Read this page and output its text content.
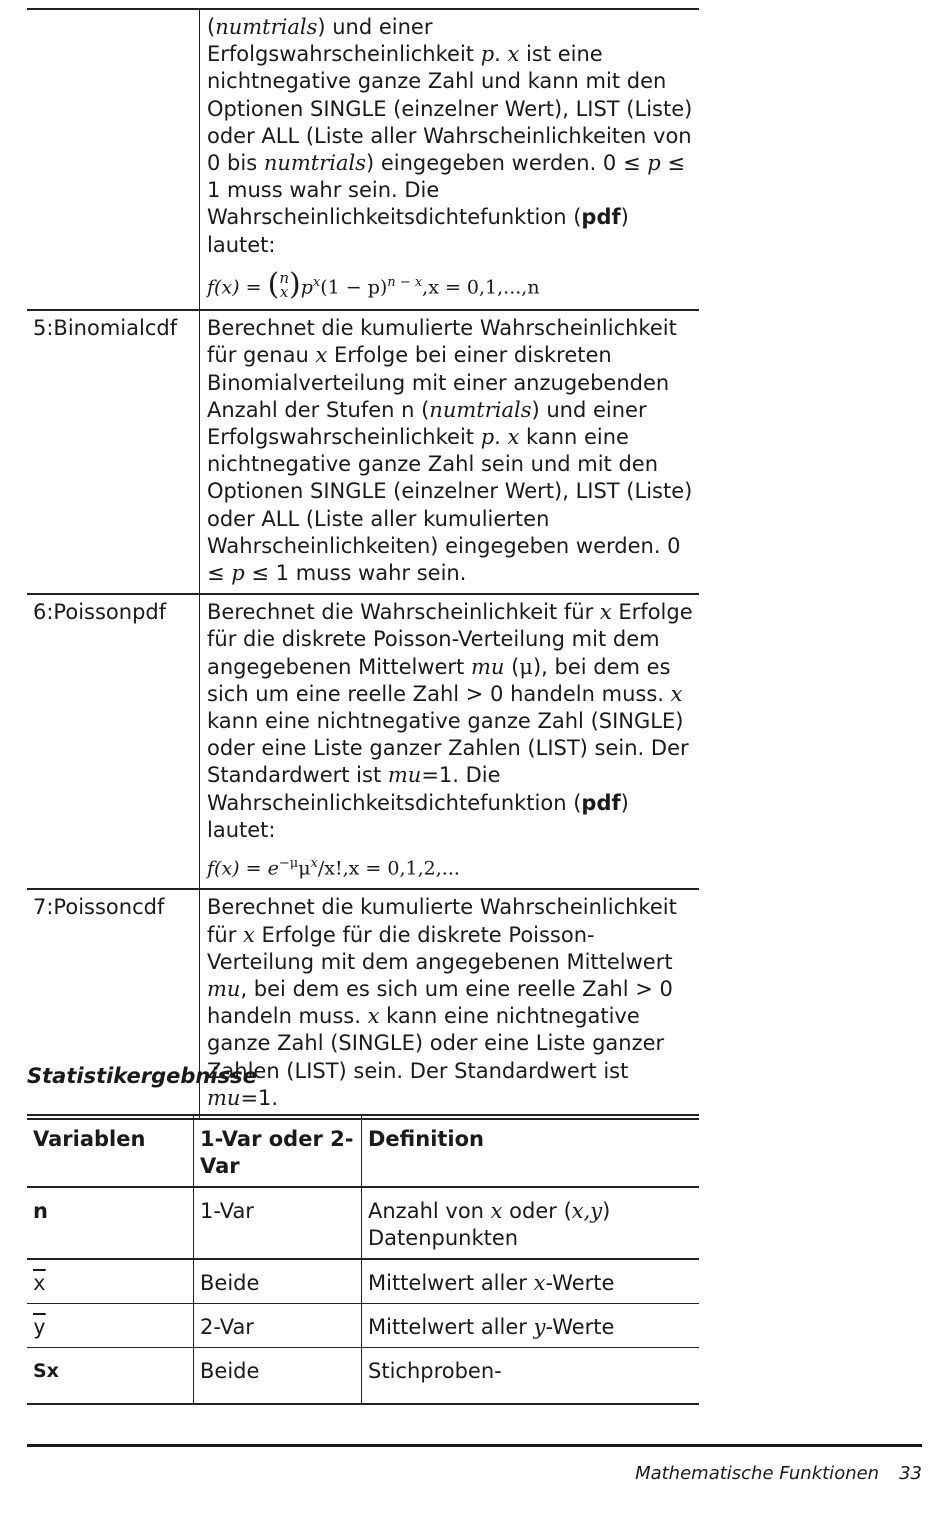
	(numtrials) und einer Erfolgswahrscheinlichkeit p. x ist eine nichtnegative ganze Zahl und kann mit den Optionen SINGLE (einzelner Wert), LIST (Liste) oder ALL (Liste aller Wahrscheinlichkeiten von 0 bis numtrials) eingegeben werden. 0 ≤ p ≤ 1 muss wahr sein. Die Wahrscheinlichkeitsdichtefunktion (pdf) lautet:
f(x) = (n
$x)p^x(1 - p)^{n - x},x = 0,1,...,n$

5:Binomialcdf	Berechnet die kumulierte Wahrscheinlichkeit für genau x Erfolge bei einer diskreten Binomialverteilung mit einer anzugebenden Anzahl der Stufen n (numtrials) und einer Erfolgswahrscheinlichkeit p. x kann eine nichtnegative ganze Zahl sein und mit den Optionen SINGLE (einzelner Wert), LIST (Liste) oder ALL (Liste aller kumulierten Wahrscheinlichkeiten) eingegeben werden. 0 ≤ p ≤ 1 muss wahr sein.
6:Poissonpdf	Berechnet die Wahrscheinlichkeit für x Erfolge für die diskrete Poisson-Verteilung mit dem angegebenen Mittelwert mu (μ), bei dem es sich um eine reelle Zahl > 0 handeln muss. x kann eine nichtnegative ganze Zahl (SINGLE) oder eine Liste ganzer Zahlen (LIST) sein. Der Standardwert ist mu=1. Die Wahrscheinlichkeitsdichtefunktion (pdf) lautet:
$f(x) = e^{-\mu}\mu^x/x!,x = 0,1,2$,...

7:Poissoncdf	Berechnet die kumulierte Wahrscheinlichkeit für x Erfolge für die diskrete Poisson-Verteilung mit dem angegebenen Mittelwert mu, bei dem es sich um eine reelle Zahl > 0 handeln muss. x kann eine nichtnegative ganze Zahl (SINGLE) oder eine Liste ganzer Zahlen (LIST) sein. Der Standardwert ist mu=1.
Statistikergebnisse
Variablen	1-Var oder 2-Var	Definition
n	1-Var	Anzahl von x oder (x,y) Datenpunkten
$\overline{x}$	Beide	Mittelwert aller x-Werte
$\overline{y}$	2-Var	Mittelwert aller y-Werte
Sx	Beide	Stichproben-
Mathematische Funktionen 33
